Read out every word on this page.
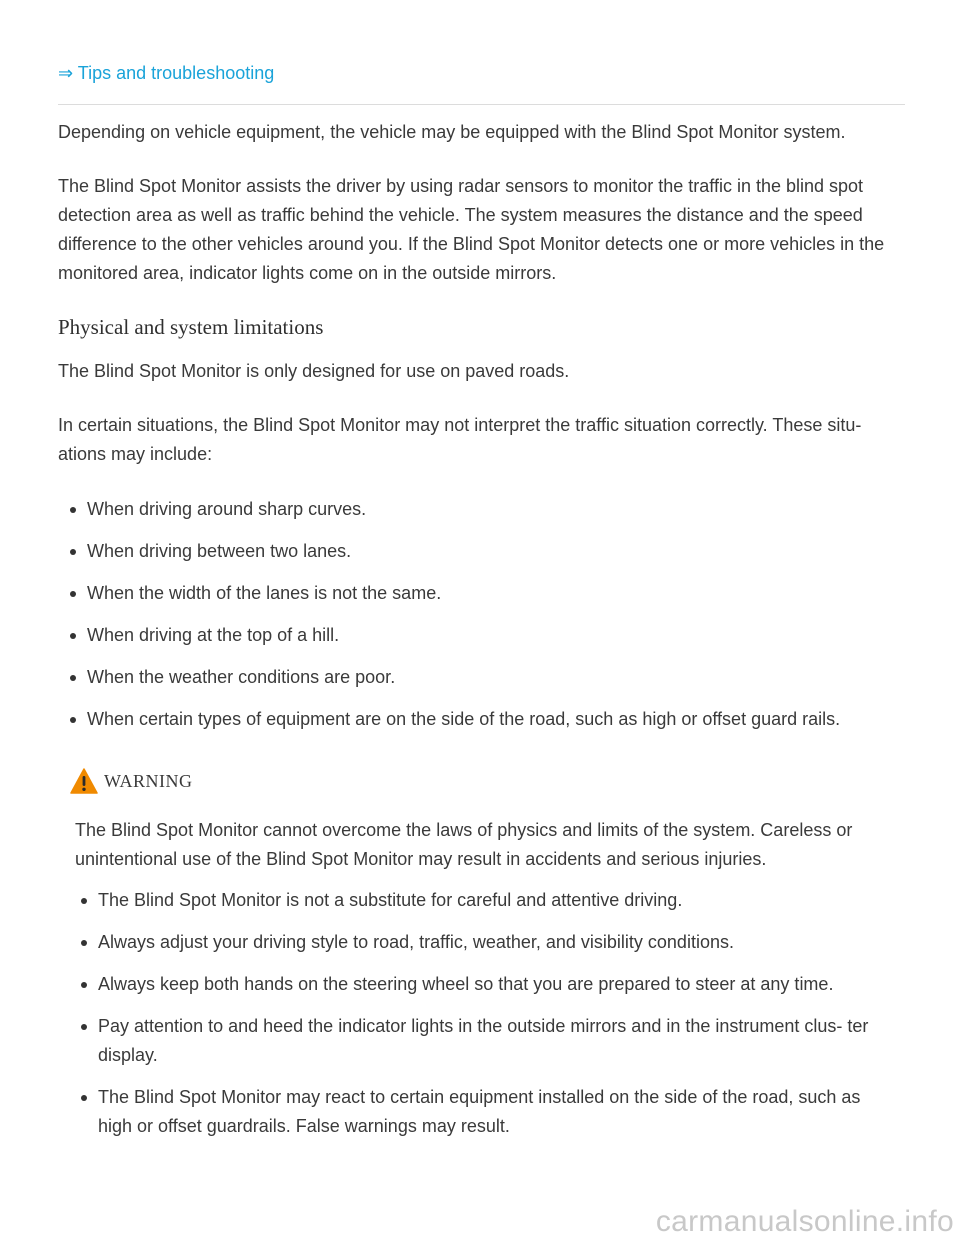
⇒ Tips and troubleshooting

Depending on vehicle equipment, the vehicle may be equipped with the Blind Spot Monitor system.

The Blind Spot Monitor assists the driver by using radar sensors to monitor the traffic in the blind spot detection area as well as traffic behind the vehicle. The system measures the distance and the speed difference to the other vehicles around you. If the Blind Spot Monitor detects one or more vehicles in the monitored area, indicator lights come on in the outside mirrors.

Physical and system limitations

The Blind Spot Monitor is only designed for use on paved roads.

In certain situations, the Blind Spot Monitor may not interpret the traffic situation correctly. These situ- ations may include:

When driving around sharp curves.
When driving between two lanes.
When the width of the lanes is not the same.
When driving at the top of a hill.
When the weather conditions are poor.
When certain types of equipment are on the side of the road, such as high or offset guard rails.
WARNING

The Blind Spot Monitor cannot overcome the laws of physics and limits of the system. Careless or unintentional use of the Blind Spot Monitor may result in accidents and serious injuries.

The Blind Spot Monitor is not a substitute for careful and attentive driving.
Always adjust your driving style to road, traffic, weather, and visibility conditions.
Always keep both hands on the steering wheel so that you are prepared to steer at any time.
Pay attention to and heed the indicator lights in the outside mirrors and in the instrument clus- ter display.
The Blind Spot Monitor may react to certain equipment installed on the side of the road, such as high or offset guardrails. False warnings may result.
carmanualsonline.info
